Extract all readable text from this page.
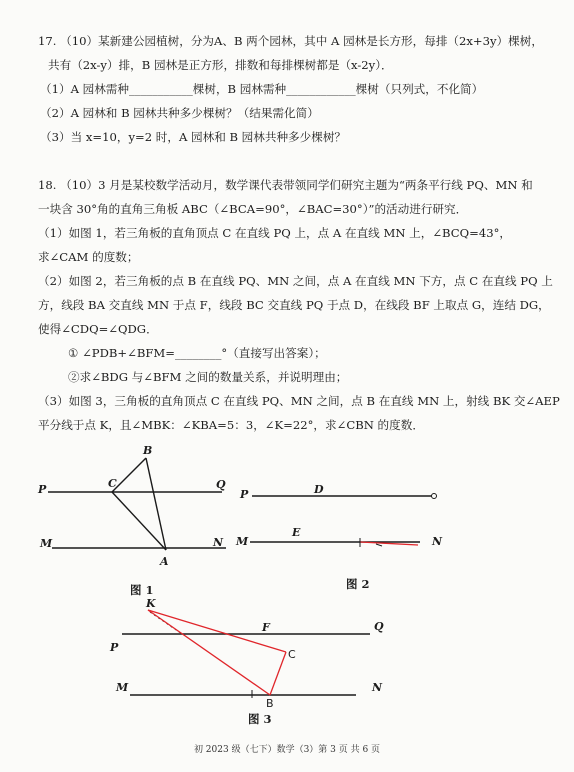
17. （10）某新建公园植树，分为A、B 两个园林，其中 A 园林是长方形，每排（2x+3y）棵树，
共有（2x-y）排，B 园林是正方形，排数和每排棵树都是（x-2y）．
（1）A 园林需种___________棵树，B 园林需种____________棵树（只列式，不化简）
（2）A 园林和 B 园林共种多少棵树？（结果需化简）
（3）当 x=10，y=2 时，A 园林和 B 园林共种多少棵树？
18. （10）3 月是某校数学活动月，数学课代表带领同学们研究主题为“两条平行线 PQ、MN 和
一块含 30°角的直角三角板 ABC（∠BCA=90°，∠BAC=30°）”的活动进行研究．
（1）如图 1，若三角板的直角顶点 C 在直线 PQ 上，点 A 在直线 MN 上，∠BCQ=43°，
求∠CAM 的度数；
（2）如图 2，若三角板的点 B 在直线 PQ、MN 之间，点 A 在直线 MN 下方，点 C 在直线 PQ 上
方，线段 BA 交直线 MN 于点 F，线段 BC 交直线 PQ 于点 D，在线段 BF 上取点 G，连结 DG，
使得∠CDQ=∠QDG．
① ∠PDB+∠BFM=________°（直接写出答案）；
②求∠BDG 与∠BFM 之间的数量关系，并说明理由；
（3）如图 3，三角板的直角顶点 C 在直线 PQ、MN 之间，点 B 在直线 MN 上，射线 BK 交∠AEP
平分线于点 K，且∠MBK：∠KBA=5：3，∠K=22°，求∠CBN 的度数．
P	Q
C
B
M	N
A
图 1
P	D
M
E
N
图 2
K
F	Q
P
C
M	N
B
图 3
初 2023 级（七下）数学（3）第 3 页 共 6 页
